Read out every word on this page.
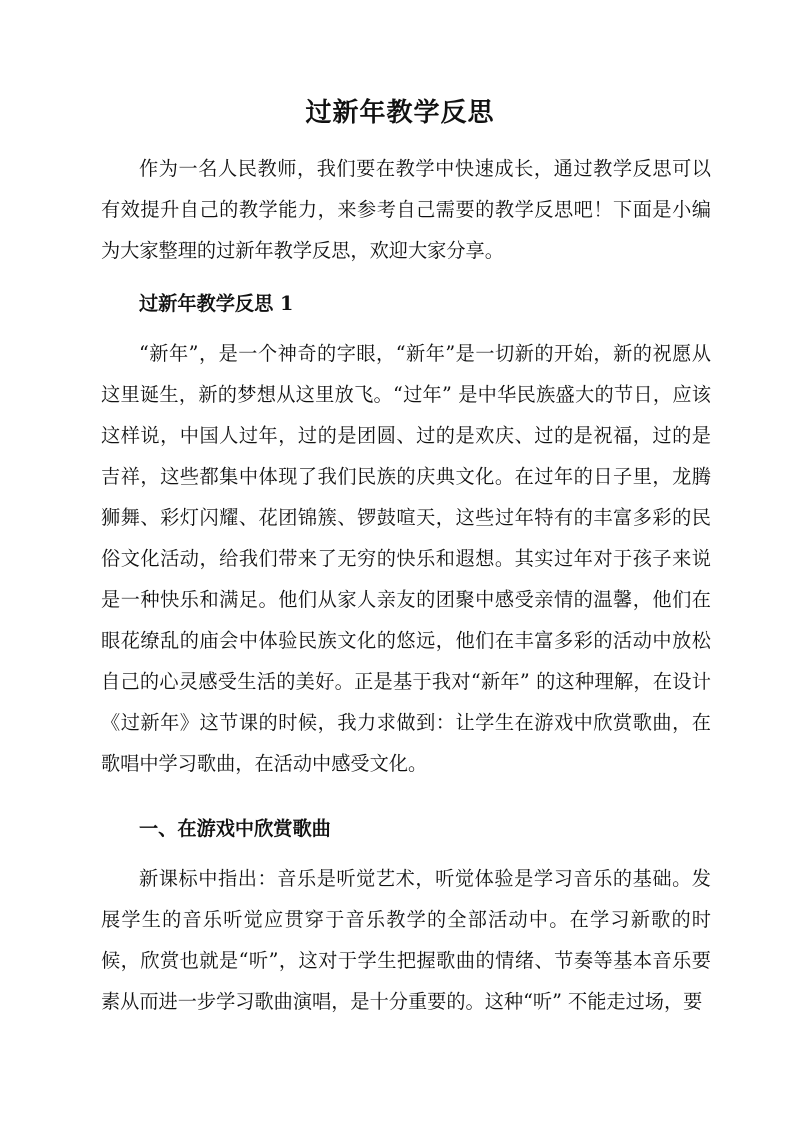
过新年教学反思
作为一名人民教师，我们要在教学中快速成长，通过教学反思可以有效提升自己的教学能力，来参考自己需要的教学反思吧！下面是小编为大家整理的过新年教学反思，欢迎大家分享。
过新年教学反思 1
“新年”，是一个神奇的字眼，“新年”是一切新的开始，新的祝愿从这里诞生，新的梦想从这里放飞。“过年” 是中华民族盛大的节日，应该这样说，中国人过年，过的是团圆、过的是欢庆、过的是祝福，过的是吉祥，这些都集中体现了我们民族的庆典文化。在过年的日子里，龙腾狮舞、彩灯闪耀、花团锦簇、锣鼓喧天，这些过年特有的丰富多彩的民俗文化活动，给我们带来了无穷的快乐和遐想。其实过年对于孩子来说是一种快乐和满足。他们从家人亲友的团聚中感受亲情的温馨，他们在眼花缭乱的庙会中体验民族文化的悠远，他们在丰富多彩的活动中放松自己的心灵感受生活的美好。正是基于我对“新年” 的这种理解，在设计《过新年》这节课的时候，我力求做到：让学生在游戏中欣赏歌曲，在歌唱中学习歌曲，在活动中感受文化。
一、在游戏中欣赏歌曲
新课标中指出：音乐是听觉艺术，听觉体验是学习音乐的基础。发展学生的音乐听觉应贯穿于音乐教学的全部活动中。在学习新歌的时候，欣赏也就是“听”，这对于学生把握歌曲的情绪、节奏等基本音乐要素从而进一步学习歌曲演唱，是十分重要的。这种“听” 不能走过场，要
